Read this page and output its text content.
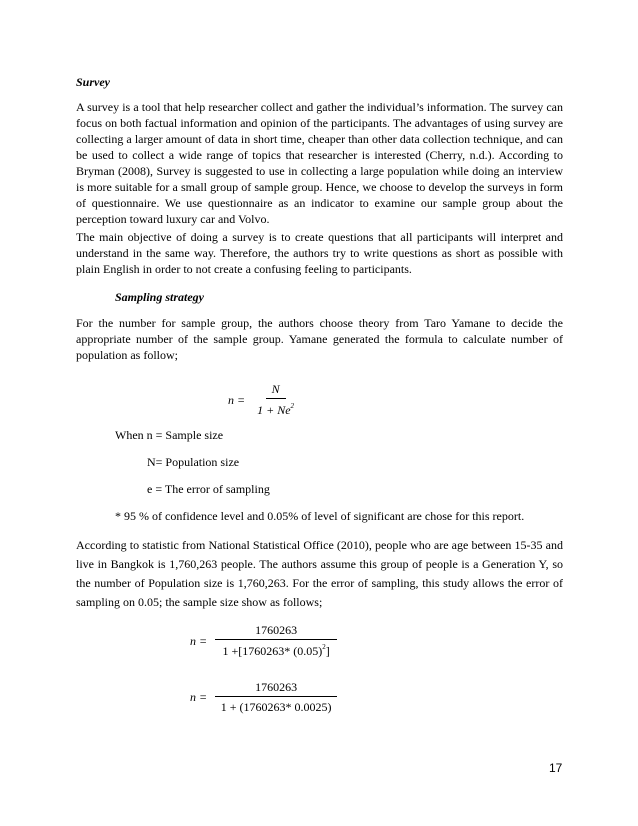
Survey

A survey is a tool that help researcher collect and gather the individual’s information. The survey can focus on both factual information and opinion of the participants. The advantages of using survey are collecting a larger amount of data in short time, cheaper than other data collection technique, and can be used to collect a wide range of topics that researcher is interested (Cherry, n.d.). According to Bryman (2008), Survey is suggested to use in collecting a large population while doing an interview is more suitable for a small group of sample group. Hence, we choose to develop the surveys in form of questionnaire. We use questionnaire as an indicator to examine our sample group about the perception toward luxury car and Volvo.

The main objective of doing a survey is to create questions that all participants will interpret and understand in the same way. Therefore, the authors try to write questions as short as possible with plain English in order to not create a confusing feeling to participants.

Sampling strategy

For the number for sample group, the authors choose theory from Taro Yamane to decide the appropriate number of the sample group. Yamane generated the formula to calculate number of population as follow;

$n = \frac{N}{1 + Ne^2}$
When n = Sample size
N= Population size
e = The error of sampling
* 95 % of confidence level and 0.05% of level of significant are chose for this report.

According to statistic from National Statistical Office (2010), people who are age between 15-35 and live in Bangkok is 1,760,263 people. The authors assume this group of people is a Generation Y, so the number of Population size is 1,760,263. For the error of sampling, this study allows the error of sampling on 0.05; the sample size show as follows;

$n = \frac{1760263}{1 +[1760263* (0.05)^2]}$
$n = \frac{1760263}{1 + (1760263* 0.0025)}$
17
